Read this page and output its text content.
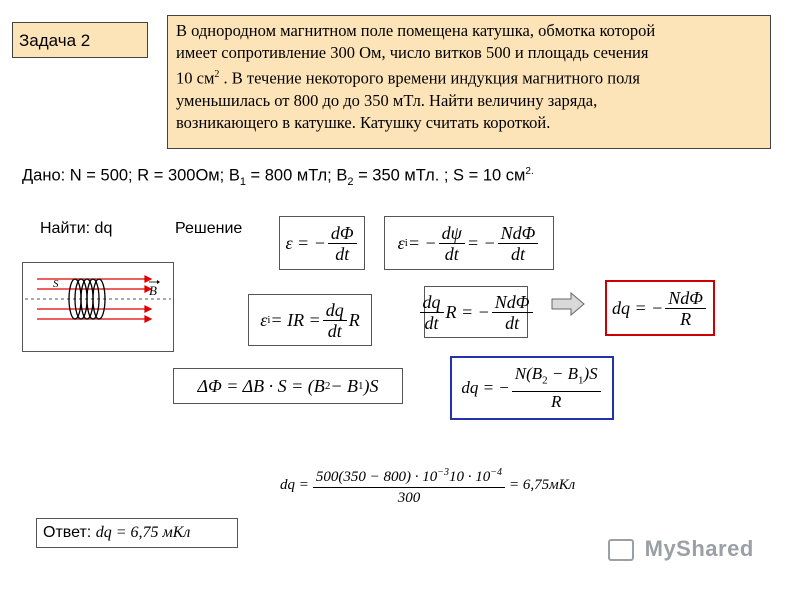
Задача 2
В однородном магнитном поле помещена катушка, обмотка которой
имеет сопротивление 300 Ом, число витков 500 и площадь сечения
10 $см^2$ . В течение некоторого времени индукция магнитного поля
уменьшилась от 800 до до 350 мТл. Найти величину заряда,
возникающего в катушке. Катушку считать короткой.
Дано: N = 500; R = 300Ом; $B_1 = 800$ мТл; $B_2 = 350$ мТл. ; S = 10 $см^{2.}$
Найти: dq	Решение
S	B
ε = − $\frac{d\Phi}{dt}$ ε i = − $\frac{d\psi}{dt}$ = − $\frac{\text{NdΦ}}{dt}$
ε i = IR = $\frac{dq}{dt}$ R	$\frac{dq}{dt}$ R = − $\frac{\text{NdΦ}}{dt}$	dq = − $\frac{\text{NdΦ}}{R}$
ΔΦ = ΔB · S = (B 2 − B 1 )S	dq = − $\frac{N(B_2 - B_1)S}{R}$
dq = $\frac{500(350 - 800) \cdot 10^{-3}10 \cdot 10^{-4}}{300} = 6,75мКл$
Ответ: dq = 6,75 мКл
MyShared
